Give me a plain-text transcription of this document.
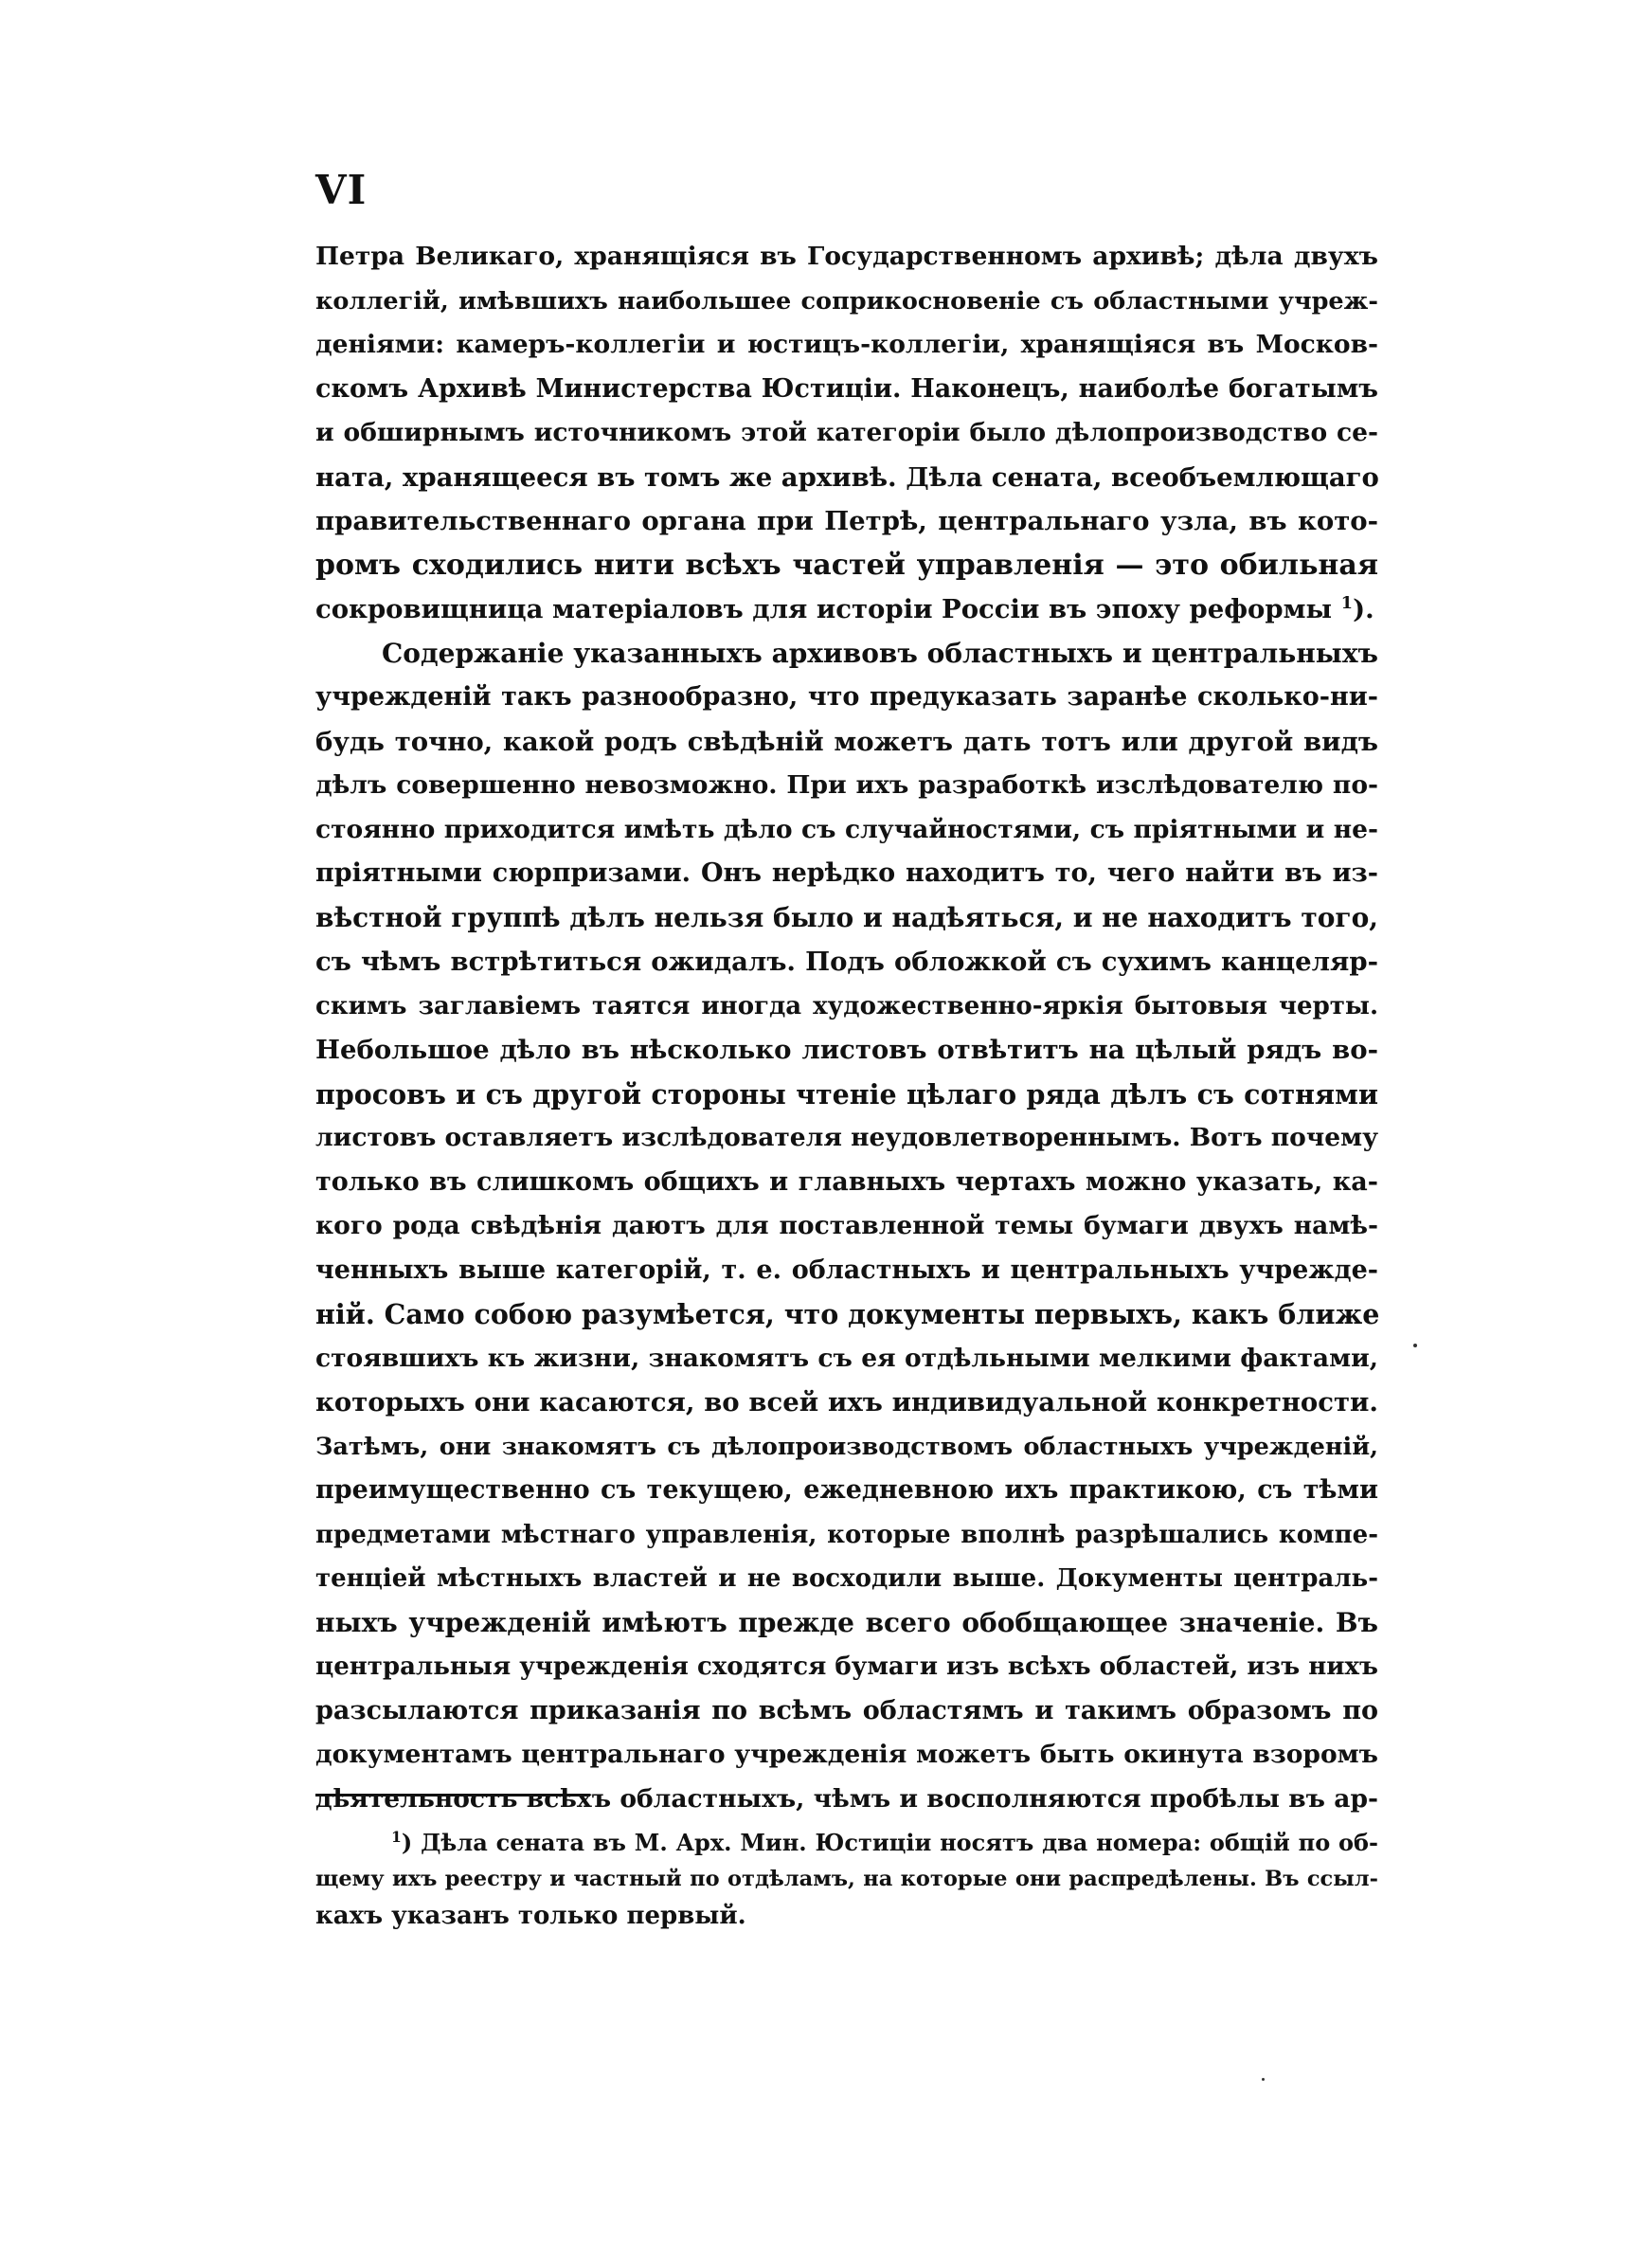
VI
Петра Великаго, хранящіяся въ Государственномъ архивѣ; дѣла двухъ
коллегій, имѣвшихъ наибольшее соприкосновеніе съ областными учреж-
деніями: камеръ-коллегіи и юстицъ-коллегіи, хранящіяся въ Москов-
скомъ Архивѣ Министерства Юстиціи. Наконецъ, наиболѣе богатымъ
и обширнымъ источникомъ этой категоріи было дѣлопроизводство се-
ната, хранящееся въ томъ же архивѣ. Дѣла сената, всеобъемлющаго
правительственнаго органа при Петрѣ, центральнаго узла, въ кото-
ромъ сходились нити всѣхъ частей управленія — это обильная
сокровищница матеріаловъ для исторіи Россіи въ эпоху реформы $^1$).
Содержаніе указанныхъ архивовъ областныхъ и центральныхъ
учрежденій такъ разнообразно, что предуказать заранѣе сколько-ни-
будь точно, какой родъ свѣдѣній можетъ дать тотъ или другой видъ
дѣлъ совершенно невозможно. При ихъ разработкѣ изслѣдователю по-
стоянно приходится имѣть дѣло съ случайностями, съ пріятными и не-
пріятными сюрпризами. Онъ нерѣдко находитъ то, чего найти въ из-
вѣстной группѣ дѣлъ нельзя было и надѣяться, и не находитъ того,
съ чѣмъ встрѣтиться ожидалъ. Подъ обложкой съ сухимъ канцеляр-
скимъ заглавіемъ таятся иногда художественно-яркія бытовыя черты.
Небольшое дѣло въ нѣсколько листовъ отвѣтитъ на цѣлый рядъ во-
просовъ и съ другой стороны чтеніе цѣлаго ряда дѣлъ съ сотнями
листовъ оставляетъ изслѣдователя неудовлетвореннымъ. Вотъ почему
только въ слишкомъ общихъ и главныхъ чертахъ можно указать, ка-
кого рода свѣдѣнія даютъ для поставленной темы бумаги двухъ намѣ-
ченныхъ выше категорій, т. е. областныхъ и центральныхъ учрежде-
ній. Само собою разумѣется, что документы первыхъ, какъ ближе
стоявшихъ къ жизни, знакомятъ съ ея отдѣльными мелкими фактами,
которыхъ они касаются, во всей ихъ индивидуальной конкретности.
Затѣмъ, они знакомятъ съ дѣлопроизводствомъ областныхъ учрежденій,
преимущественно съ текущею, ежедневною ихъ практикою, съ тѣми
предметами мѣстнаго управленія, которые вполнѣ разрѣшались компе-
тенціей мѣстныхъ властей и не восходили выше. Документы централь-
ныхъ учрежденій имѣютъ прежде всего обобщающее значеніе. Въ
центральныя учрежденія сходятся бумаги изъ всѣхъ областей, изъ нихъ
разсылаются приказанія по всѣмъ областямъ и такимъ образомъ по
документамъ центральнаго учрежденія можетъ быть окинута взоромъ
дѣятельность всѣхъ областныхъ, чѣмъ и восполняются пробѣлы въ ар-
$^1$) Дѣла сената въ М. Арх. Мин. Юстиціи носятъ два номера: общій по об-
щему ихъ реестру и частный по отдѣламъ, на которые они распредѣлены. Въ ссыл-
кахъ указанъ только первый.
